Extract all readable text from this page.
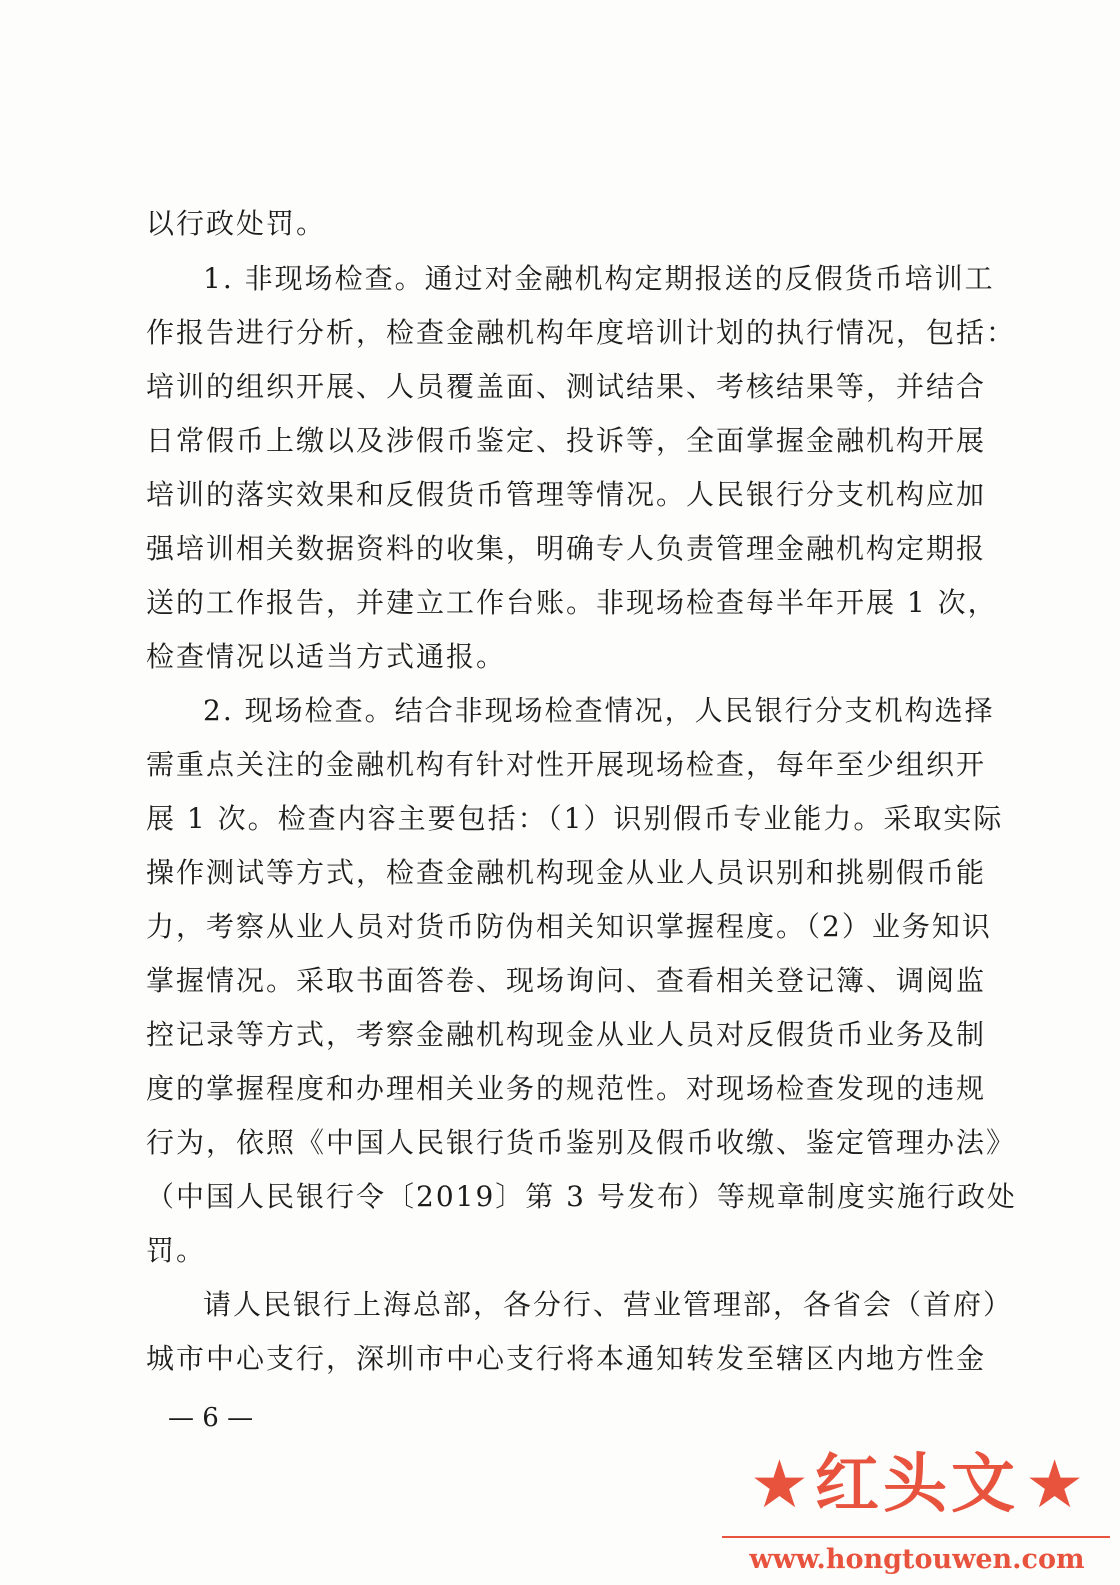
以行政处罚。
1. 非现场检查。通过对金融机构定期报送的反假货币培训工
作报告进行分析，检查金融机构年度培训计划的执行情况，包括：
培训的组织开展、人员覆盖面、测试结果、考核结果等，并结合
日常假币上缴以及涉假币鉴定、投诉等，全面掌握金融机构开展
培训的落实效果和反假货币管理等情况。人民银行分支机构应加
强培训相关数据资料的收集，明确专人负责管理金融机构定期报
送的工作报告，并建立工作台账。非现场检查每半年开展 1 次，
检查情况以适当方式通报。
2. 现场检查。结合非现场检查情况，人民银行分支机构选择
需重点关注的金融机构有针对性开展现场检查，每年至少组织开
展 1 次。检查内容主要包括：（1）识别假币专业能力。采取实际
操作测试等方式，检查金融机构现金从业人员识别和挑剔假币能
力，考察从业人员对货币防伪相关知识掌握程度。（2）业务知识
掌握情况。采取书面答卷、现场询问、查看相关登记簿、调阅监
控记录等方式，考察金融机构现金从业人员对反假货币业务及制
度的掌握程度和办理相关业务的规范性。对现场检查发现的违规
行为，依照《中国人民银行货币鉴别及假币收缴、鉴定管理办法》
（中国人民银行令〔2019〕第 3 号发布）等规章制度实施行政处
罚。
请人民银行上海总部，各分行、营业管理部，各省会（首府）
城市中心支行，深圳市中心支行将本通知转发至辖区内地方性金
— 6 —
★ 红头文 ★
www.hongtouwen.com
